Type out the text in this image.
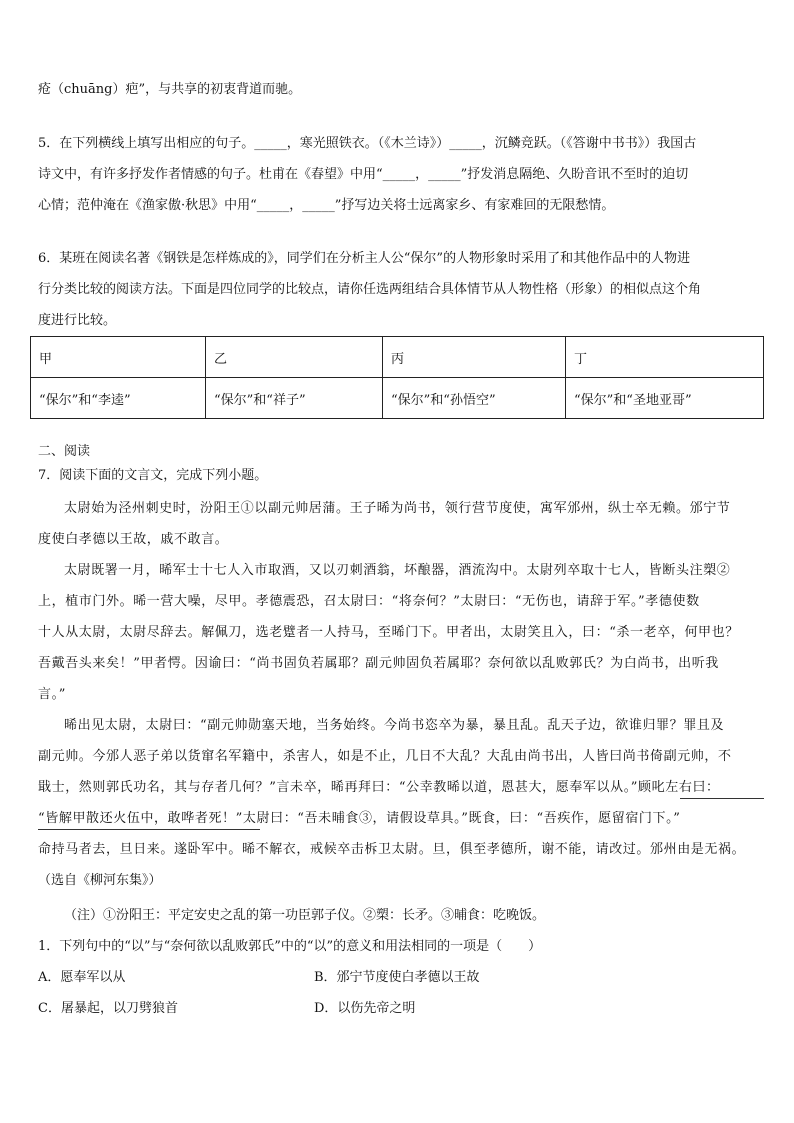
疮（chuāng）疤”，与共享的初衷背道而驰。
5．在下列横线上填写出相应的句子。_____，寒光照铁衣。（《木兰诗》）_____，沉鳞竞跃。（《答谢中书书》）我国古
诗文中，有许多抒发作者情感的句子。杜甫在《春望》中用“_____，_____”抒发消息隔绝、久盼音讯不至时的迫切
心情；范仲淹在《渔家傲·秋思》中用“_____，_____”抒写边关将士远离家乡、有家难回的无限愁情。
6．某班在阅读名著《钢铁是怎样炼成的》，同学们在分析主人公“保尔”的人物形象时采用了和其他作品中的人物进
行分类比较的阅读方法。下面是四位同学的比较点，请你任选两组结合具体情节从人物性格（形象）的相似点这个角
度进行比较。
甲	乙	丙	丁
“保尔”和“李逵”	“保尔”和“祥子”	“保尔”和“孙悟空”	“保尔”和“圣地亚哥”
二、阅读
7．阅读下面的文言文，完成下列小题。
太尉始为泾州刺史时，汾阳王①以副元帅居蒲。王子晞为尚书，领行营节度使，寓军邠州，纵士卒无赖。邠宁节
度使白孝德以王故，戚不敢言。
太尉既署一月，晞军士十七人入市取酒，又以刃刺酒翁，坏酿器，酒流沟中。太尉列卒取十七人，皆断头注槊②
上，植市门外。晞一营大噪，尽甲。孝德震恐，召太尉曰：“将奈何？”太尉曰：“无伤也，请辞于军。”孝德使数
十人从太尉，太尉尽辞去。解佩刀，选老躄者一人持马，至晞门下。甲者出，太尉笑且入，曰：“杀一老卒，何甲也？
吾戴吾头来矣！”甲者愕。因谕曰：“尚书固负若属耶？副元帅固负若属耶？奈何欲以乱败郭氏？为白尚书，出听我
言。”
晞出见太尉，太尉曰：“副元帅勋塞天地，当务始终。今尚书恣卒为暴，暴且乱。乱天子边，欲谁归罪？罪且及
副元帅。今邠人恶子弟以货窜名军籍中，杀害人，如是不止，几日不大乱？大乱由尚书出，人皆曰尚书倚副元帅，不
戢士，然则郭氏功名，其与存者几何？”言未卒，晞再拜曰：“公幸教晞以道，恩甚大，愿奉军以从。”顾叱左右曰：
“皆解甲散还火伍中，敢哗者死！”太尉曰：“吾未晡食③，请假设草具。”既食，曰：“吾疾作，愿留宿门下。”
命持马者去，旦日来。遂卧军中。晞不解衣，戒候卒击柝卫太尉。旦，俱至孝德所，谢不能，请改过。邠州由是无祸。
（选自《柳河东集》）
（注）①汾阳王：平定安史之乱的第一功臣郭子仪。②槊：长矛。③晡食：吃晚饭。
1．下列句中的“以”与“奈何欲以乱败郭氏”中的“以”的意义和用法相同的一项是（　　）
A．愿奉军以从	B．邠宁节度使白孝德以王故
C．屠暴起，以刀劈狼首	D．以伤先帝之明
